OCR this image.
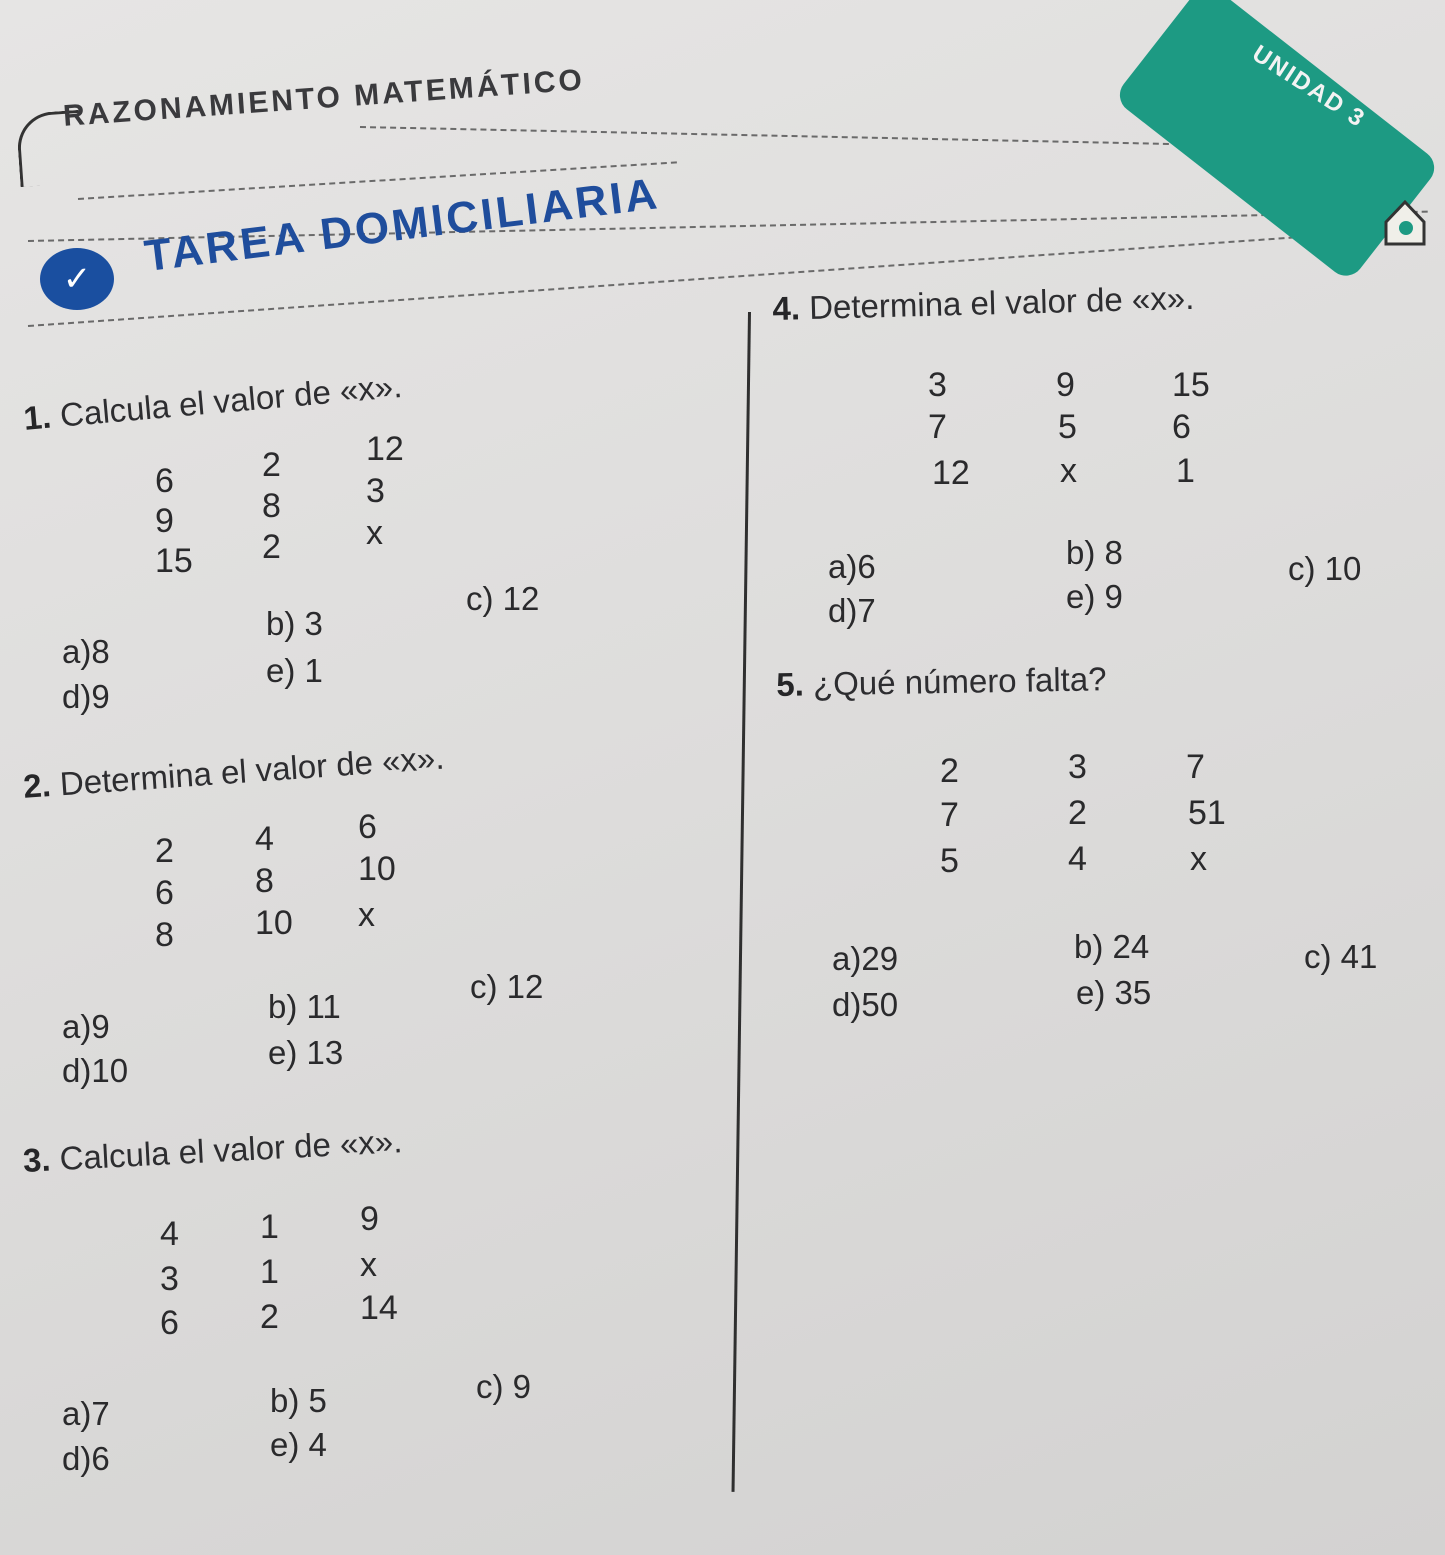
RAZONAMIENTO MATEMÁTICO	UNIDAD 3
✓	TAREA DOMICILIARIA
1. Calcula el valor de «x».
6	2	12
9	8	3
15 2	x
a)8
b) 3
c) 12
d)9
e) 1
2. Determina el valor de «x».
2 4 6
6 8 10
8 10 x
a)9
b) 11
c) 12
d)10	e) 13
3. Calcula el valor de «x».
4 1 9
3 1 x
6 2 14
a)7	b) 5	c) 9
d)6	e) 4
4. Determina el valor de «x».
3	9	15
7	5	6
12	x	1
a)6	b) 8	c) 10
d)7	e) 9
5. ¿Qué número falta?
2	3	7
7	2	51
5	4	x
a)29	b) 24	c) 41
d)50	e) 35
